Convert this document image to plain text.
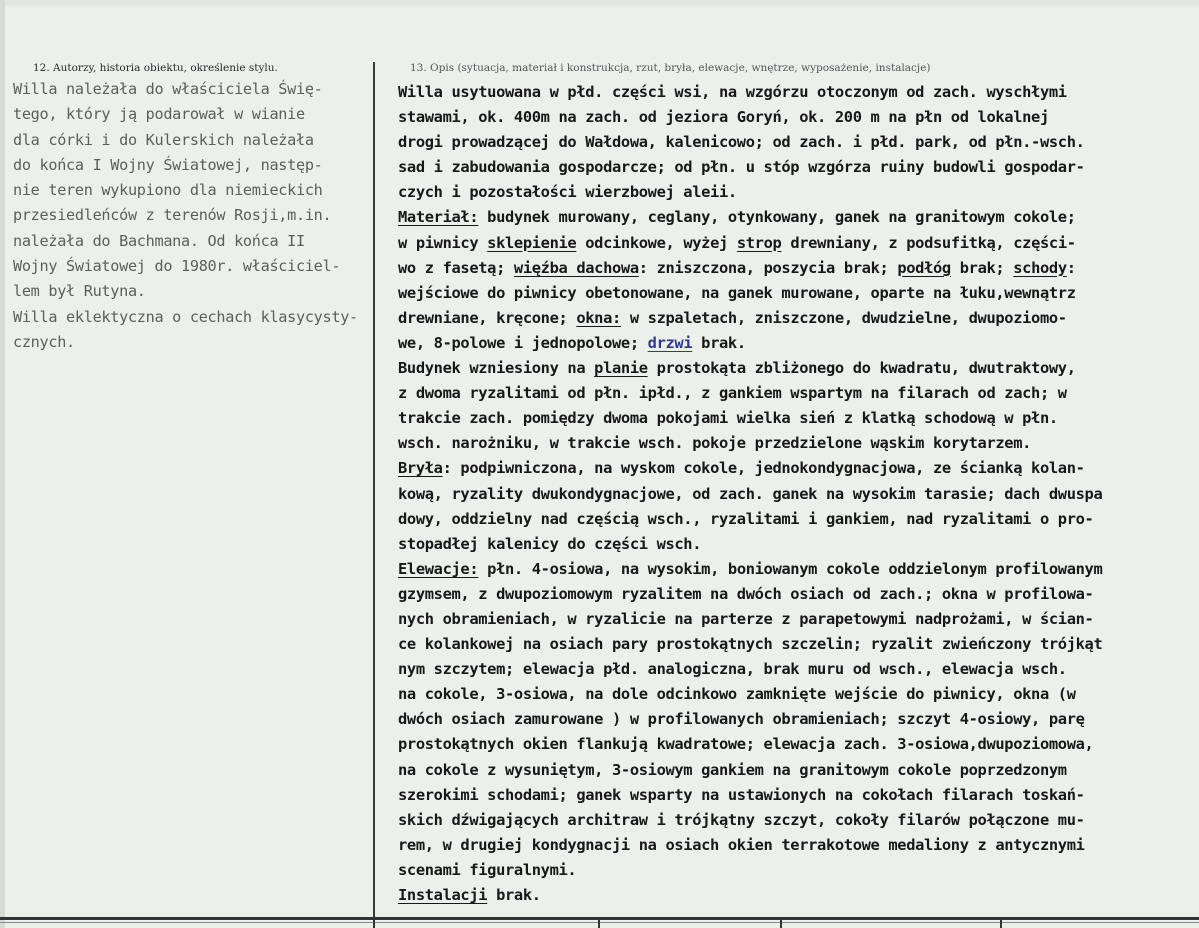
12. Autorzy, historia obiektu, określenie stylu.	13. Opis (sytuacja, materiał i konstrukcja, rzut, bryła, elewacje, wnętrze, wyposażenie, instalacje)
Willa należała do właściciela Świę-
tego, który ją podarował w wianie
dla córki i do Kulerskich należała
do końca I Wojny Światowej, następ-
nie teren wykupiono dla niemieckich
przesiedleńców z terenów Rosji,m.in.
należała do Bachmana. Od końca II
Wojny Światowej do 1980r. właściciel-
lem był Rutyna.
Willa eklektyczna o cechach klasycysty-
cznych.
Willa usytuowana w płd. części wsi, na wzgórzu otoczonym od zach. wyschłymi
stawami, ok. 400m na zach. od jeziora Goryń, ok. 200 m na płn od lokalnej
drogi prowadzącej do Wałdowa, kalenicowo; od zach. i płd. park, od płn.-wsch.
sad i zabudowania gospodarcze; od płn. u stóp wzgórza ruiny budowli gospodar-
czych i pozostałości wierzbowej aleii.
Materiał: budynek murowany, ceglany, otynkowany, ganek na granitowym cokole;
w piwnicy sklepienie odcinkowe, wyżej strop drewniany, z podsufitką, części-
wo z fasetą; więźba dachowa: zniszczona, poszycia brak; podłóg brak; schody:
wejściowe do piwnicy obetonowane, na ganek murowane, oparte na łuku,wewnątrz
drewniane, kręcone; okna: w szpaletach, zniszczone, dwudzielne, dwupoziomo-
we, 8-polowe i jednopolowe; drzwi brak.
Budynek wzniesiony na planie prostokąta zbliżonego do kwadratu, dwutraktowy,
z dwoma ryzalitami od płn. ipłd., z gankiem wspartym na filarach od zach; w
trakcie zach. pomiędzy dwoma pokojami wielka sień z klatką schodową w płn.
wsch. narożniku, w trakcie wsch. pokoje przedzielone wąskim korytarzem.
Bryła: podpiwniczona, na wyskom cokole, jednokondygnacjowa, ze ścianką kolan-
kową, ryzality dwukondygnacjowe, od zach. ganek na wysokim tarasie; dach dwuspa
dowy, oddzielny nad częścią wsch., ryzalitami i gankiem, nad ryzalitami o pro-
stopadłej kalenicy do części wsch.
Elewacje: płn. 4-osiowa, na wysokim, boniowanym cokole oddzielonym profilowanym
gzymsem, z dwupoziomowym ryzalitem na dwóch osiach od zach.; okna w profilowa-
nych obramieniach, w ryzalicie na parterze z parapetowymi nadprożami, w ścian-
ce kolankowej na osiach pary prostokątnych szczelin; ryzalit zwieńczony trójkąt
nym szczytem; elewacja płd. analogiczna, brak muru od wsch., elewacja wsch.
na cokole, 3-osiowa, na dole odcinkowo zamknięte wejście do piwnicy, okna (w
dwóch osiach zamurowane ) w profilowanych obramieniach; szczyt 4-osiowy, parę
prostokątnych okien flankują kwadratowe; elewacja zach. 3-osiowa,dwupoziomowa,
na cokole z wysuniętym, 3-osiowym gankiem na granitowym cokole poprzedzonym
szerokimi schodami; ganek wsparty na ustawionych na cokołach filarach toskań-
skich dźwigających architraw i trójkątny szczyt, cokoły filarów połączone mu-
rem, w drugiej kondygnacji na osiach okien terrakotowe medaliony z antycznymi
scenami figuralnymi.
Instalacji brak.
